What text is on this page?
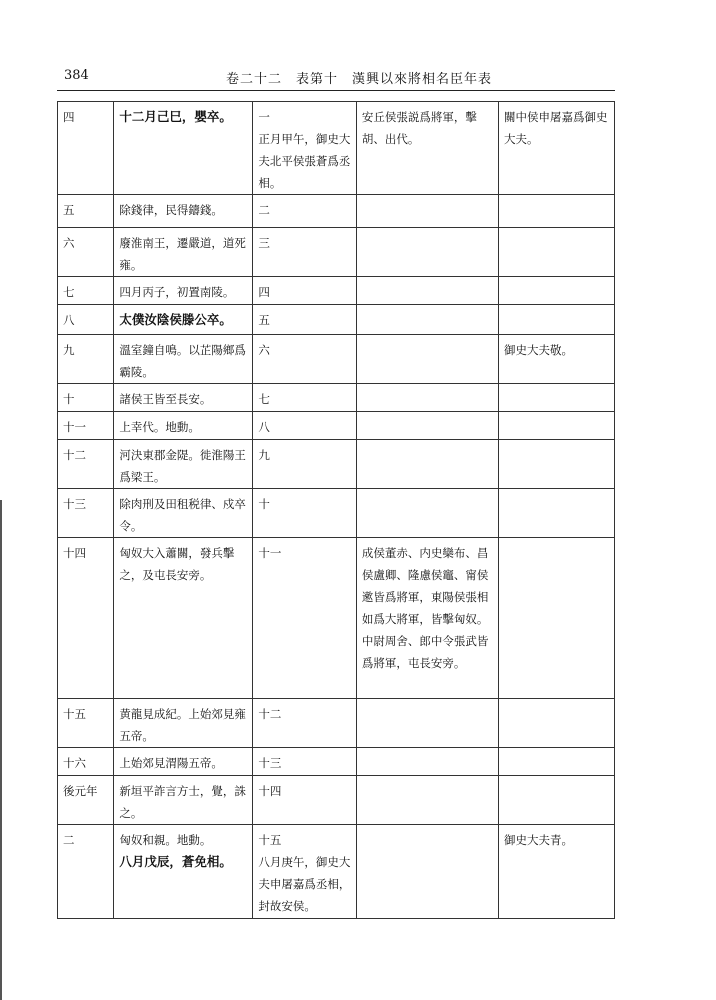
384	卷二十二　表第十　漢興以來將相名臣年表
四	十二月己巳，嬰卒。	一
正月甲午，御史大夫北平侯張蒼爲丞相。	安丘侯張説爲將軍，擊胡、出代。	關中侯申屠嘉爲御史大夫。
五	除錢律，民得鑄錢。	二		

六	廢淮南王，遷嚴道，道死雍。	三		

七	四月丙子，初置南陵。	四		

八	太僕汝陰侯滕公卒。	五		

九	溫室鐘自鳴。以芷陽鄉爲霸陵。	六		御史大夫敬。
十	諸侯王皆至長安。	七		

十一	上幸代。地動。	八		

十二	河決東郡金隄。徙淮陽王爲梁王。	九		

十三	除肉刑及田租税律、戍卒令。	十		

十四	匈奴大入蕭關，發兵擊之，及屯長安旁。	十一	成侯董赤、内史欒布、昌侯盧卿、隆慮侯竈、甯侯遬皆爲將軍，東陽侯張相如爲大將軍，皆擊匈奴。中尉周舍、郎中令張武皆爲將軍，屯長安旁。	
十五	黄龍見成紀。上始郊見雍五帝。	十二		

十六	上始郊見渭陽五帝。	十三		

後元年	新垣平詐言方士，覺，誅之。	十四		

二	匈奴和親。地動。
八月戊辰，蒼免相。	十五
八月庚午，御史大夫申屠嘉爲丞相，封故安侯。		御史大夫青。
